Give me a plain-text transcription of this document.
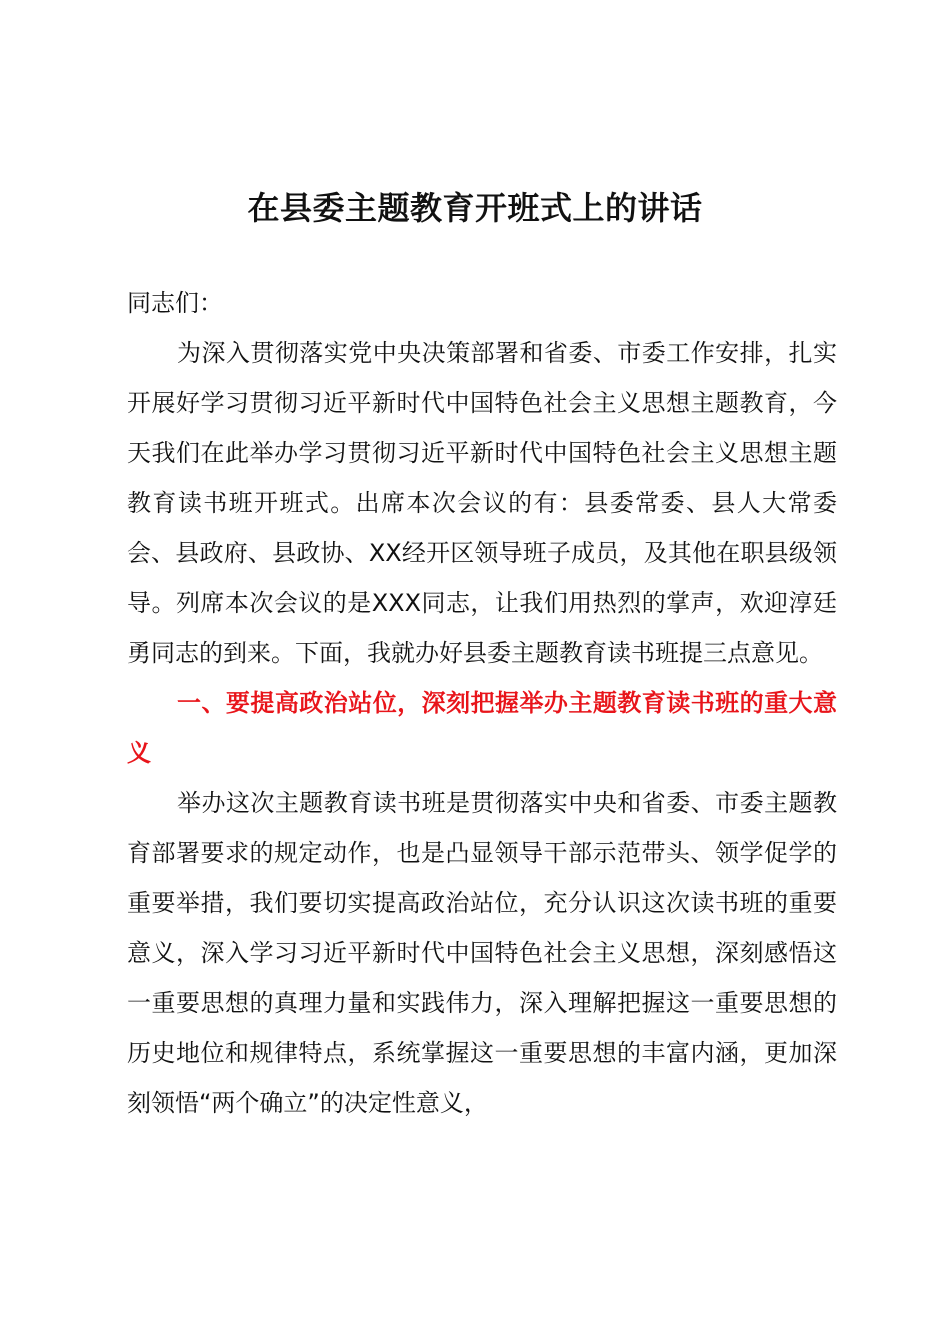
在县委主题教育开班式上的讲话

同志们：

为深入贯彻落实党中央决策部署和省委、市委工作安排，扎实开展好学习贯彻习近平新时代中国特色社会主义思想主题教育，今天我们在此举办学习贯彻习近平新时代中国特色社会主义思想主题教育读书班开班式。出席本次会议的有：县委常委、县人大常委会、县政府、县政协、XX经开区领导班子成员，及其他在职县级领导。列席本次会议的是XXX同志，让我们用热烈的掌声，欢迎淳廷勇同志的到来。下面，我就办好县委主题教育读书班提三点意见。

一、要提高政治站位，深刻把握举办主题教育读书班的重大意义

举办这次主题教育读书班是贯彻落实中央和省委、市委主题教育部署要求的规定动作，也是凸显领导干部示范带头、领学促学的重要举措，我们要切实提高政治站位，充分认识这次读书班的重要意义，深入学习习近平新时代中国特色社会主义思想，深刻感悟这一重要思想的真理力量和实践伟力，深入理解把握这一重要思想的历史地位和规律特点，系统掌握这一重要思想的丰富内涵，更加深刻领悟“两个确立”的决定性意义，
